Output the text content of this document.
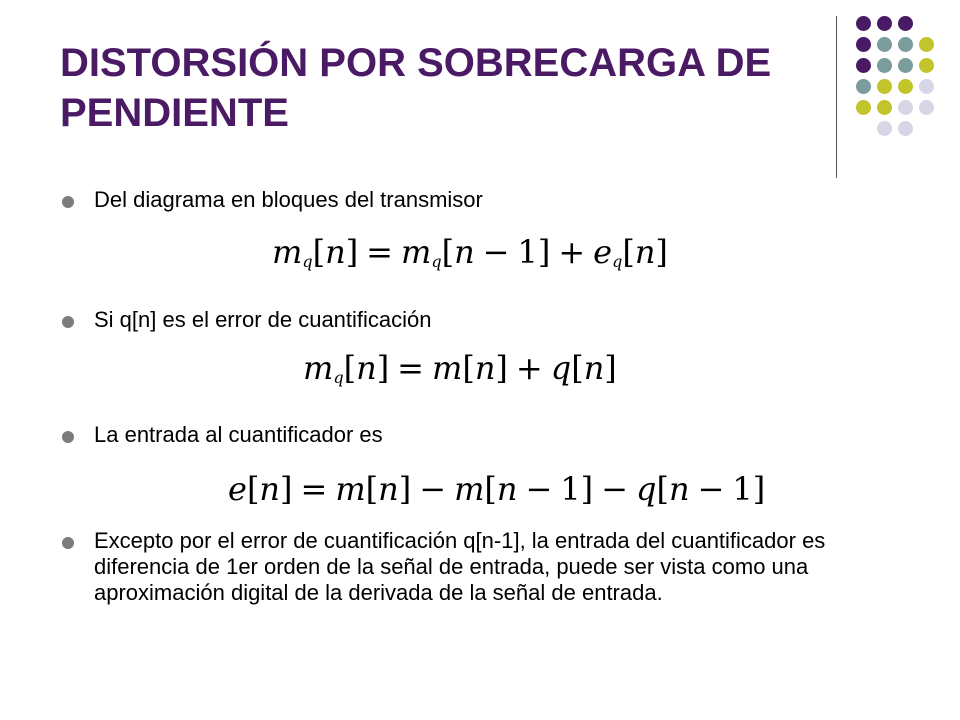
DISTORSIÓN POR SOBRECARGA DE PENDIENTE

Del diagrama en bloques del transmisor

$m_q[n] = m_q[n - 1] + e_q[n]$

Si q[n] es el error de cuantificación

$m_q[n] = m[n] + q[n]$

La entrada al cuantificador es

e[n] = m[n] − m[n − 1] − q[n − 1]

Excepto por el error de cuantificación q[n-1], la entrada del cuantificador es diferencia de 1er orden de la señal de entrada, puede ser vista como una aproximación digital de la derivada de la señal de entrada.
